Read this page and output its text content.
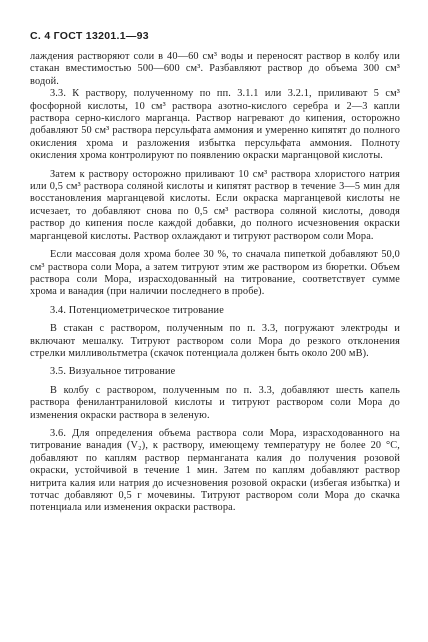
С. 4 ГОСТ 13201.1—93

лаждения растворяют соли в 40—60 см³ воды и переносят раствор в колбу или стакан вместимостью 500—600 см³. Разбавляют раствор до объема 300 см³ водой.

3.3. К раствору, полученному по пп. 3.1.1 или 3.2.1, приливают 5 см³ фосфорной кислоты, 10 см³ раствора азотно-кислого серебра и 2—3 капли раствора серно-кислого марганца. Раствор нагревают до кипения, осторожно добавляют 50 см³ раствора персульфата аммония и умеренно кипятят до полного окисления хрома и разложения избытка персульфата аммония. Полноту окисления хрома контролируют по появлению окраски марганцовой кислоты.

Затем к раствору осторожно приливают 10 см³ раствора хлористого натрия или 0,5 см³ раствора соляной кислоты и кипятят раствор в течение 3—5 мин для восстановления марганцевой кислоты. Если окраска марганцевой кислоты не исчезает, то добавляют снова по 0,5 см³ раствора соляной кислоты, доводя раствор до кипения после каждой добавки, до полного исчезновения окраски марганцевой кислоты. Раствор охлаждают и титруют раствором соли Мора.

Если массовая доля хрома более 30 %, то сначала пипеткой добавляют 50,0 см³ раствора соли Мора, а затем титруют этим же раствором из бюретки. Объем раствора соли Мора, израсходованный на титрование, соответствует сумме хрома и ванадия (при наличии последнего в пробе).

3.4. Потенциометрическое титрование

В стакан с раствором, полученным по п. 3.3, погружают электроды и включают мешалку. Титруют раствором соли Мора до резкого отклонения стрелки милливольтметра (скачок потенциала должен быть около 200 мВ).

3.5. Визуальное титрование

В колбу с раствором, полученным по п. 3.3, добавляют шесть капель раствора фенилантраниловой кислоты и титруют раствором соли Мора до изменения окраски раствора в зеленую.

3.6. Для определения объема раствора соли Мора, израсходованного на титрование ванадия (V₂), к раствору, имеющему температуру не более 20 °С, добавляют по каплям раствор перманганата калия до получения розовой окраски, устойчивой в течение 1 мин. Затем по каплям добавляют раствор нитрита калия или натрия до исчезновения розовой окраски (избегая избытка) и тотчас добавляют 0,5 г мочевины. Титруют раствором соли Мора до скачка потенциала или изменения окраски раствора.
